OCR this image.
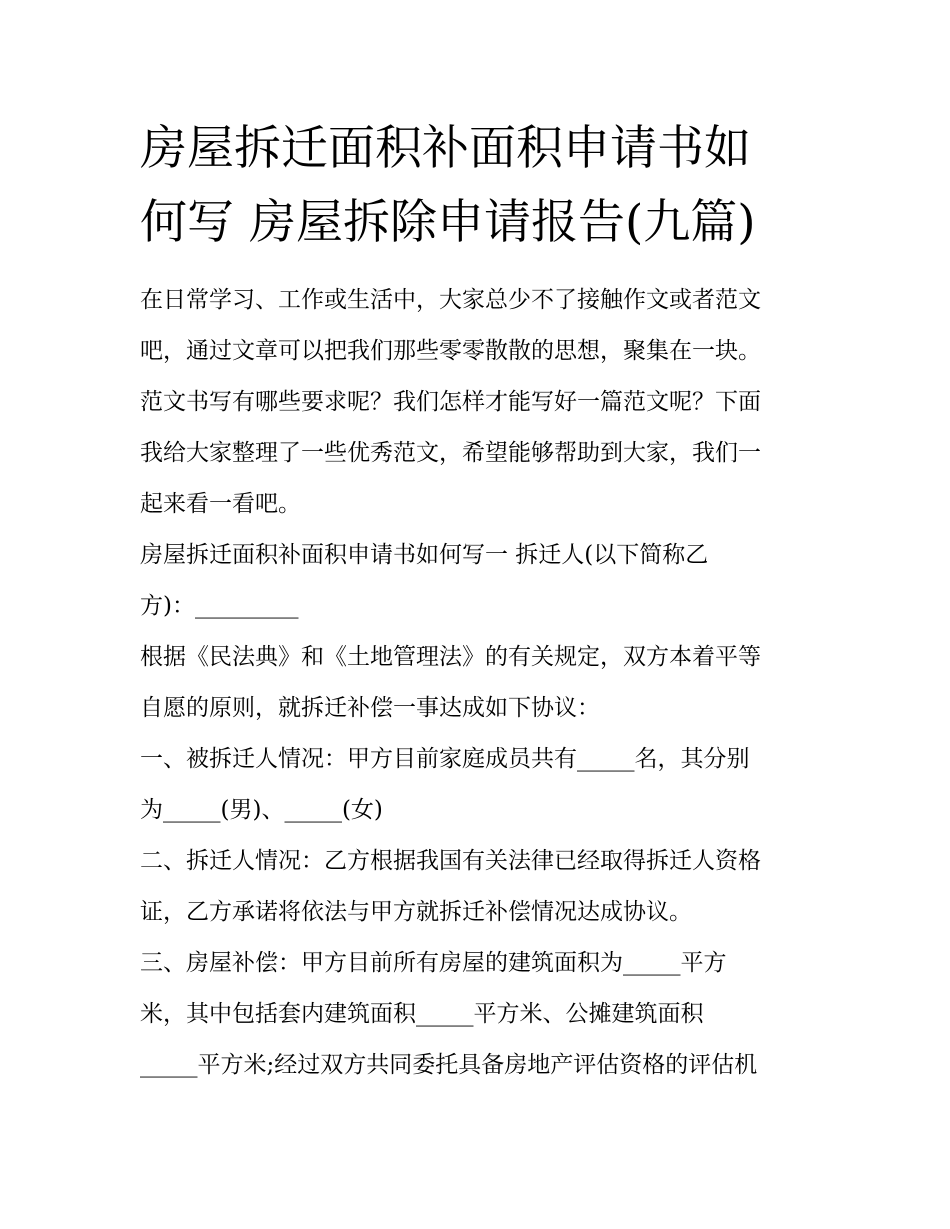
房屋拆迁面积补面积申请书如
何写 房屋拆除申请报告(九篇)
在日常学习、工作或生活中，大家总少不了接触作文或者范文
吧，通过文章可以把我们那些零零散散的思想，聚集在一块。
范文书写有哪些要求呢？我们怎样才能写好一篇范文呢？下面
我给大家整理了一些优秀范文，希望能够帮助到大家，我们一
起来看一看吧。
房屋拆迁面积补面积申请书如何写一 拆迁人(以下简称乙
方)：_________
根据《民法典》和《土地管理法》的有关规定，双方本着平等
自愿的原则，就拆迁补偿一事达成如下协议：
一、被拆迁人情况：甲方目前家庭成员共有_____名，其分别
为_____(男)、_____(女)
二、拆迁人情况：乙方根据我国有关法律已经取得拆迁人资格
证，乙方承诺将依法与甲方就拆迁补偿情况达成协议。
三、房屋补偿：甲方目前所有房屋的建筑面积为_____平方
米，其中包括套内建筑面积_____平方米、公摊建筑面积
_____平方米;经过双方共同委托具备房地产评估资格的评估机
